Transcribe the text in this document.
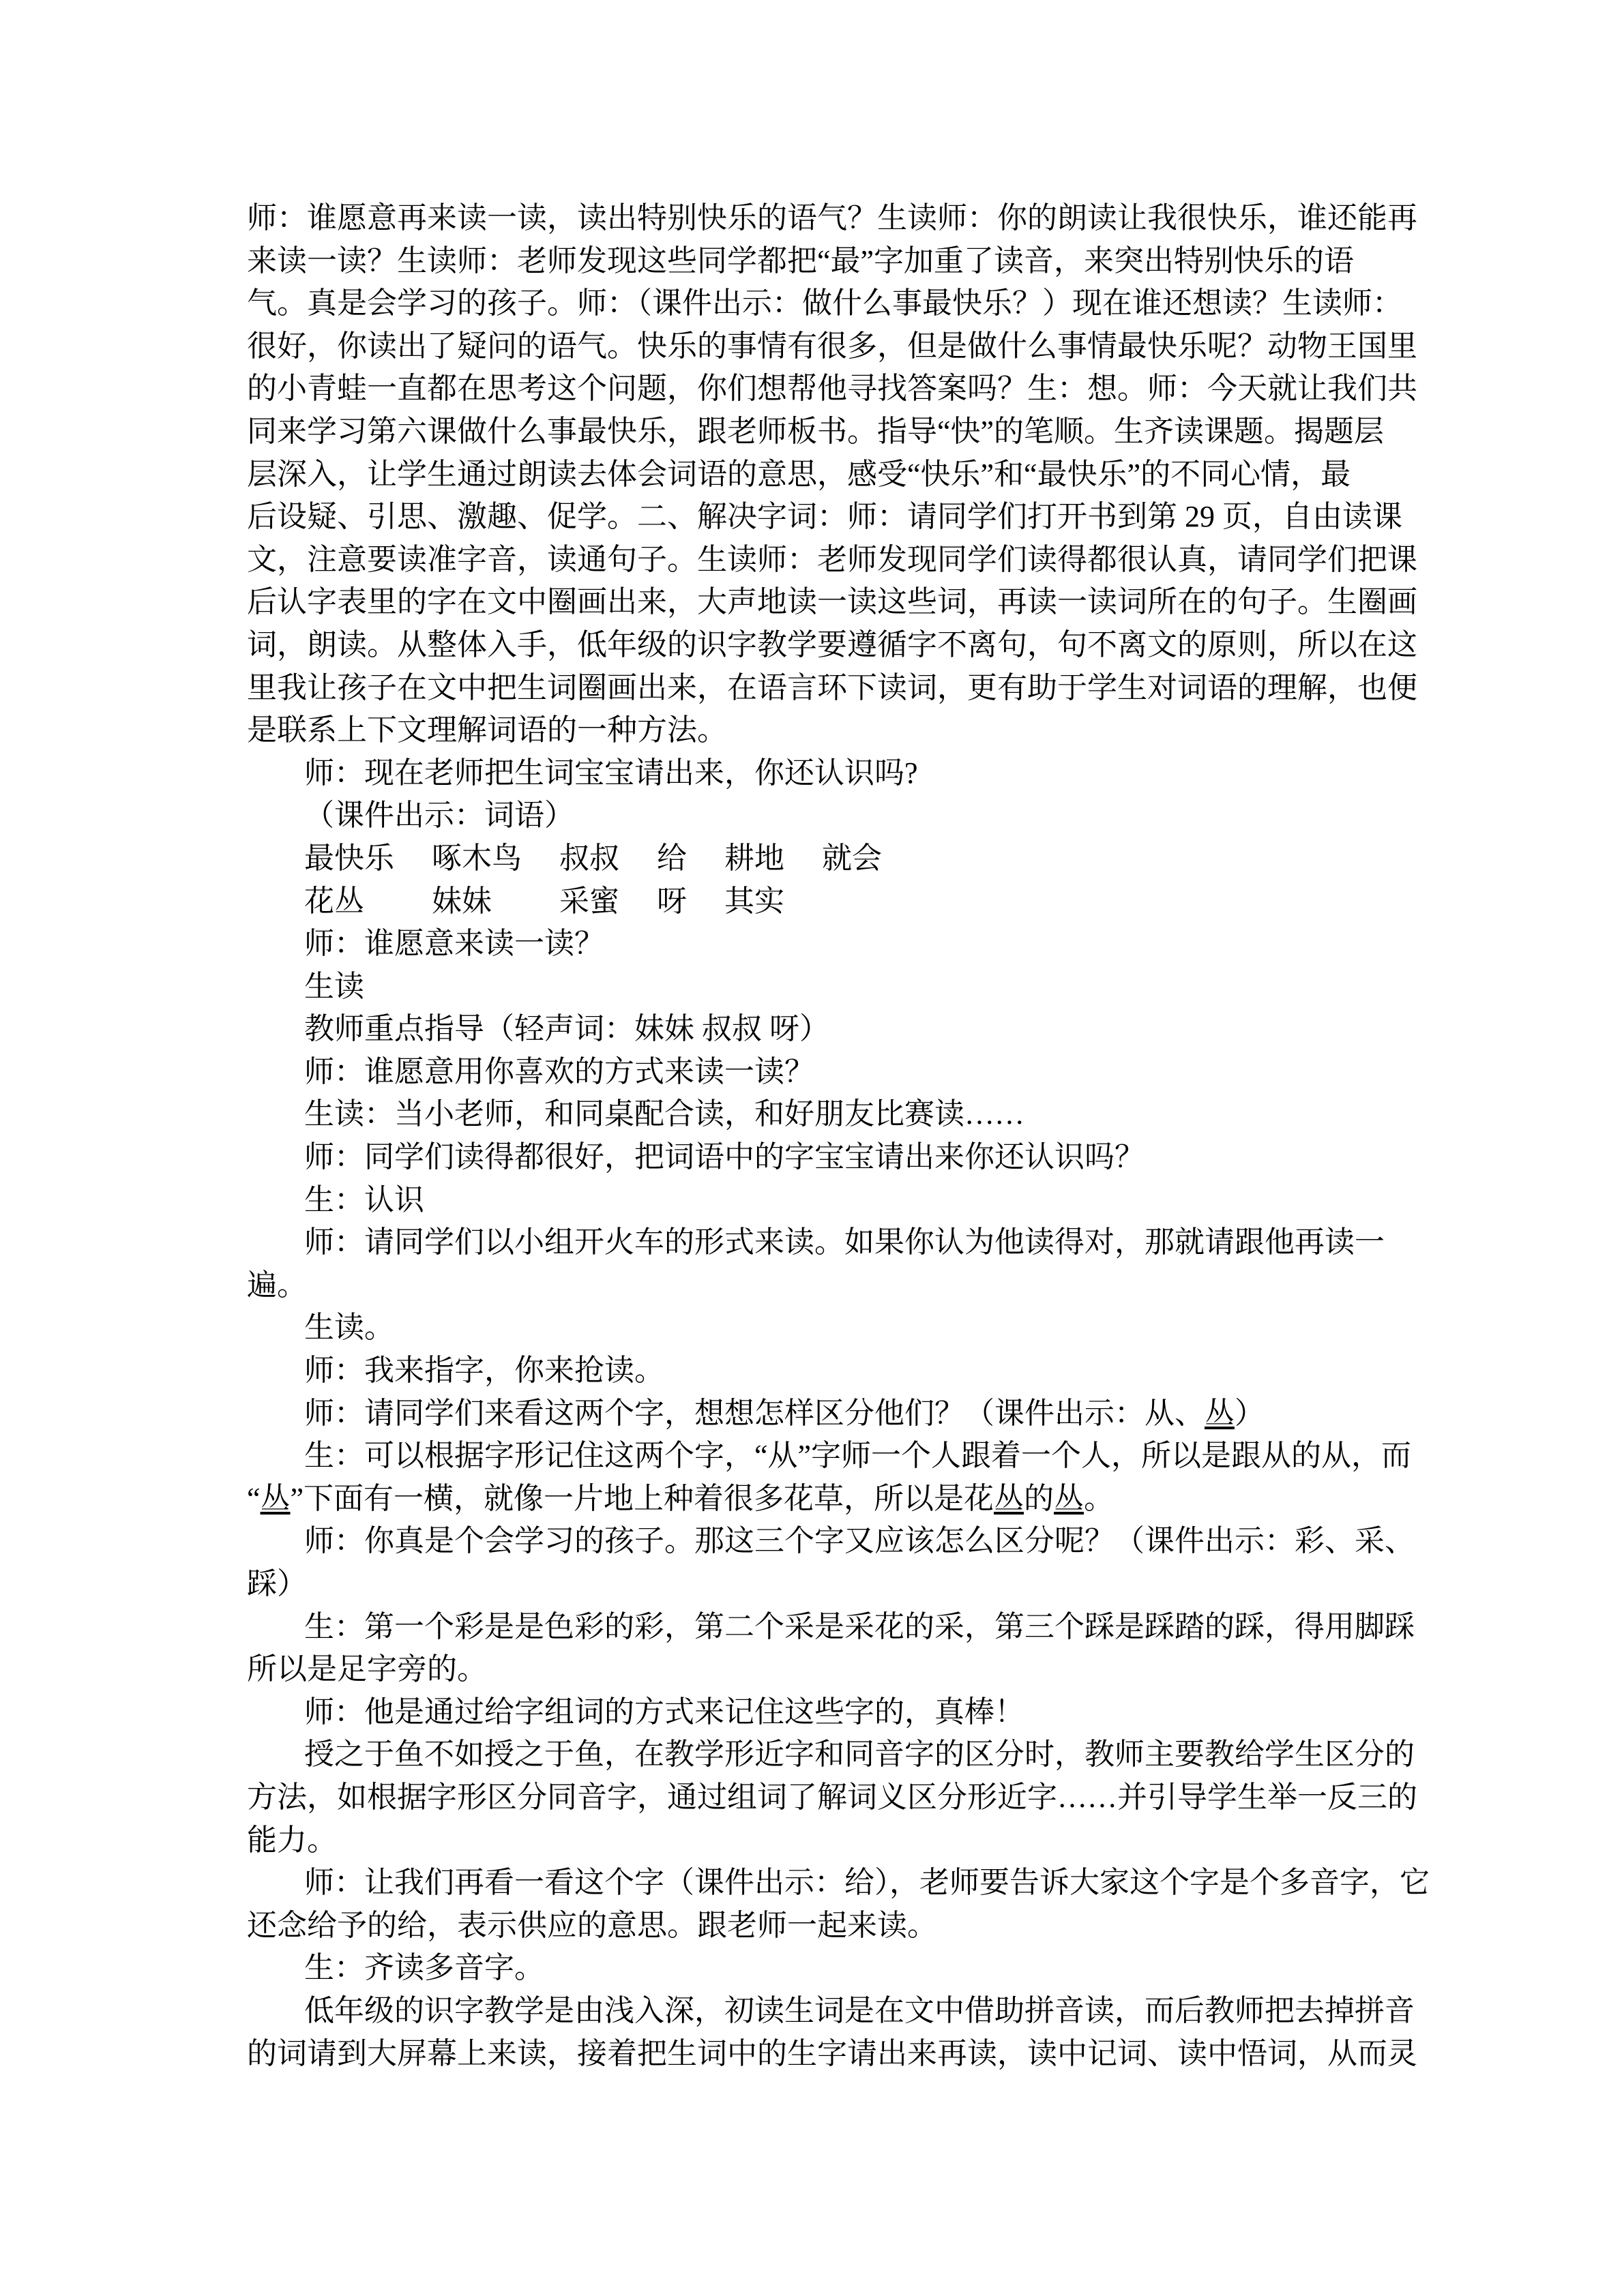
师：谁愿意再来读一读，读出特别快乐的语气？生读师：你的朗读让我很快乐，谁还能再

来读一读？生读师：老师发现这些同学都把“最”字加重了读音，来突出特别快乐的语

气。真是会学习的孩子。师：（课件出示：做什么事最快乐？）现在谁还想读？生读师：

很好，你读出了疑问的语气。快乐的事情有很多，但是做什么事情最快乐呢？动物王国里

的小青蛙一直都在思考这个问题，你们想帮他寻找答案吗？生：想。师：今天就让我们共

同来学习第六课做什么事最快乐，跟老师板书。指导“快”的笔顺。生齐读课题。揭题层

层深入，让学生通过朗读去体会词语的意思，感受“快乐”和“最快乐”的不同心情，最

后设疑、引思、激趣、促学。二、解决字词：师：请同学们打开书到第 29 页，自由读课

文，注意要读准字音，读通句子。生读师：老师发现同学们读得都很认真，请同学们把课

后认字表里的字在文中圈画出来，大声地读一读这些词，再读一读词所在的句子。生圈画

词，朗读。从整体入手，低年级的识字教学要遵循字不离句，句不离文的原则，所以在这

里我让孩子在文中把生词圈画出来，在语言环下读词，更有助于学生对词语的理解，也便

是联系上下文理解词语的一种方法。

师：现在老师把生词宝宝请出来，你还认识吗?

（课件出示：词语）

最快乐　 啄木鸟　 叔叔　 给　 耕地　 就会

花丛　　 妹妹　　 采蜜　 呀　 其实

师：谁愿意来读一读？

生读

教师重点指导（轻声词：妹妹 叔叔 呀）

师：谁愿意用你喜欢的方式来读一读？

生读：当小老师，和同桌配合读，和好朋友比赛读……

师：同学们读得都很好，把词语中的字宝宝请出来你还认识吗？

生：认识

师：请同学们以小组开火车的形式来读。如果你认为他读得对，那就请跟他再读一

遍。

生读。

师：我来指字，你来抢读。

师：请同学们来看这两个字，想想怎样区分他们？（课件出示：从、丛）

生：可以根据字形记住这两个字，“从”字师一个人跟着一个人，所以是跟从的从，而

“丛”下面有一横，就像一片地上种着很多花草，所以是花丛的丛。

师：你真是个会学习的孩子。那这三个字又应该怎么区分呢？（课件出示：彩、采、

踩）

生：第一个彩是是色彩的彩，第二个采是采花的采，第三个踩是踩踏的踩，得用脚踩

所以是足字旁的。

师：他是通过给字组词的方式来记住这些字的，真棒！

授之于鱼不如授之于鱼，在教学形近字和同音字的区分时，教师主要教给学生区分的

方法，如根据字形区分同音字，通过组词了解词义区分形近字……并引导学生举一反三的

能力。

师：让我们再看一看这个字（课件出示：给），老师要告诉大家这个字是个多音字，它

还念给予的给，表示供应的意思。跟老师一起来读。

生：齐读多音字。

低年级的识字教学是由浅入深，初读生词是在文中借助拼音读，而后教师把去掉拼音

的词请到大屏幕上来读，接着把生词中的生字请出来再读，读中记词、读中悟词，从而灵
